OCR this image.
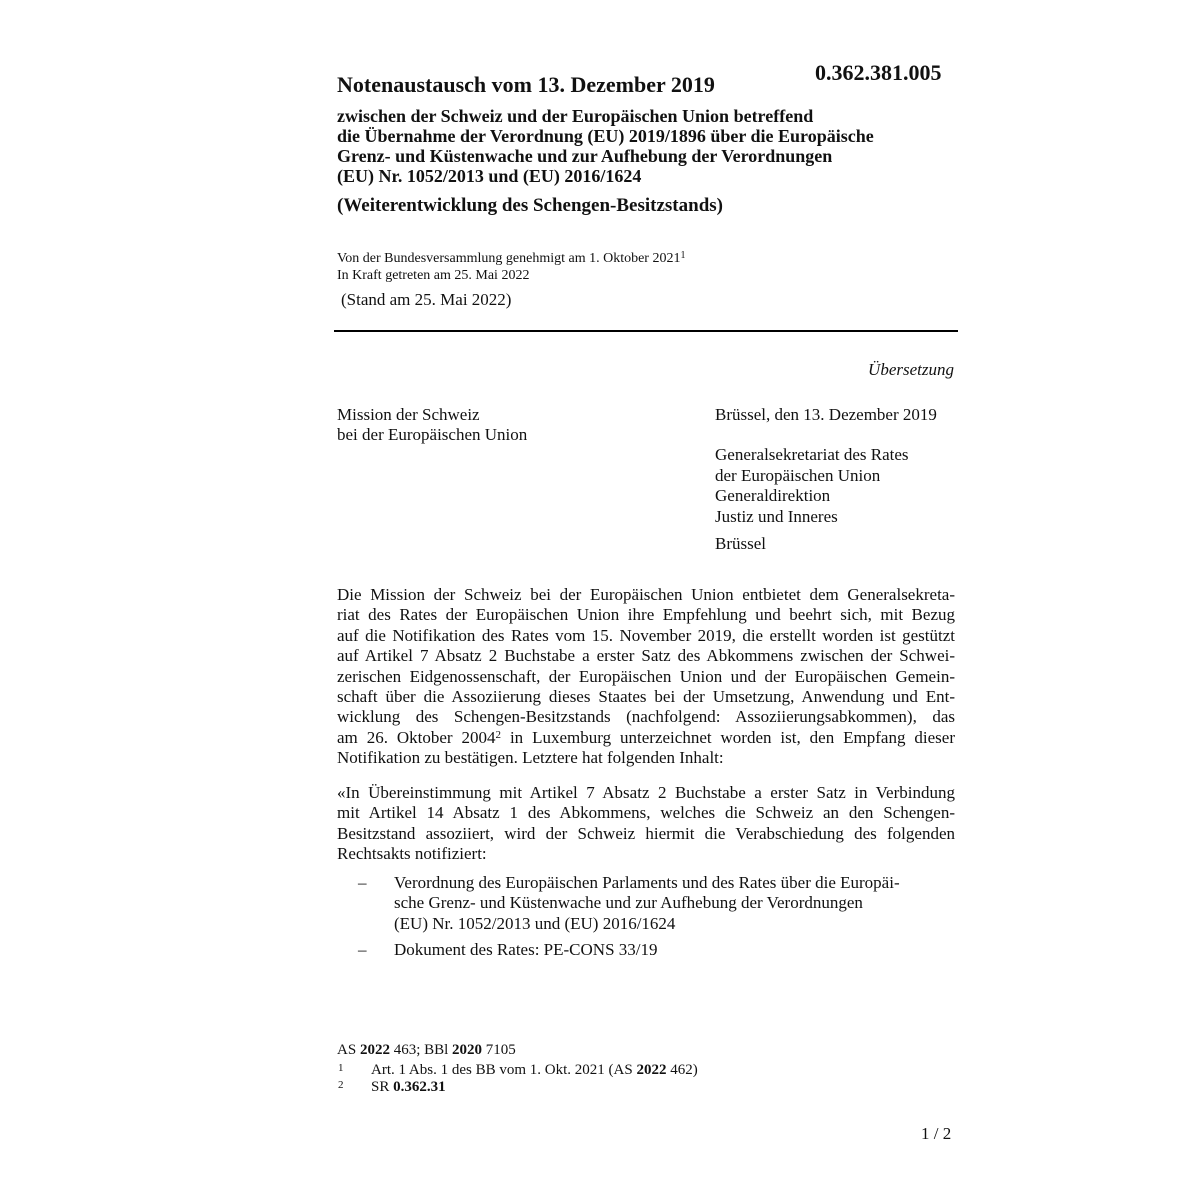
Notenaustausch vom 13. Dezember 2019	0.362.381.005
zwischen der Schweiz und der Europäischen Union betreffend
die Übernahme der Verordnung (EU) 2019/1896 über die Europäische
Grenz- und Küstenwache und zur Aufhebung der Verordnungen
(EU) Nr. 1052/2013 und (EU) 2016/1624
(Weiterentwicklung des Schengen-Besitzstands)
Von der Bundesversammlung genehmigt am 1. Oktober 2021$^1$
In Kraft getreten am 25. Mai 2022
(Stand am 25. Mai 2022)
Übersetzung
Mission der Schweiz
bei der Europäischen Union
Brüssel, den 13. Dezember 2019
Generalsekretariat des Rates
der Europäischen Union
Generaldirektion
Justiz und Inneres
Brüssel
Die Mission der Schweiz bei der Europäischen Union entbietet dem Generalsekreta-
riat des Rates der Europäischen Union ihre Empfehlung und beehrt sich, mit Bezug
auf die Notifikation des Rates vom 15. November 2019, die erstellt worden ist gestützt
auf Artikel 7 Absatz 2 Buchstabe a erster Satz des Abkommens zwischen der Schwei-
zerischen Eidgenossenschaft, der Europäischen Union und der Europäischen Gemein-
schaft über die Assoziierung dieses Staates bei der Umsetzung, Anwendung und Ent-
wicklung des Schengen-Besitzstands (nachfolgend: Assoziierungsabkommen), das
am 26. Oktober 2004$^2$ in Luxemburg unterzeichnet worden ist, den Empfang dieser
Notifikation zu bestätigen. Letztere hat folgenden Inhalt:
«In Übereinstimmung mit Artikel 7 Absatz 2 Buchstabe a erster Satz in Verbindung
mit Artikel 14 Absatz 1 des Abkommens, welches die Schweiz an den Schengen-
Besitzstand assoziiert, wird der Schweiz hiermit die Verabschiedung des folgenden
Rechtsakts notifiziert:
– Verordnung des Europäischen Parlaments und des Rates über die Europäi-
sche Grenz- und Küstenwache und zur Aufhebung der Verordnungen
(EU) Nr. 1052/2013 und (EU) 2016/1624
– Dokument des Rates: PE-CONS 33/19
AS 2022 463; BBl 2020 7105
1 Art. 1 Abs. 1 des BB vom 1. Okt. 2021 (AS 2022 462)
2 SR 0.362.31
1 / 2
